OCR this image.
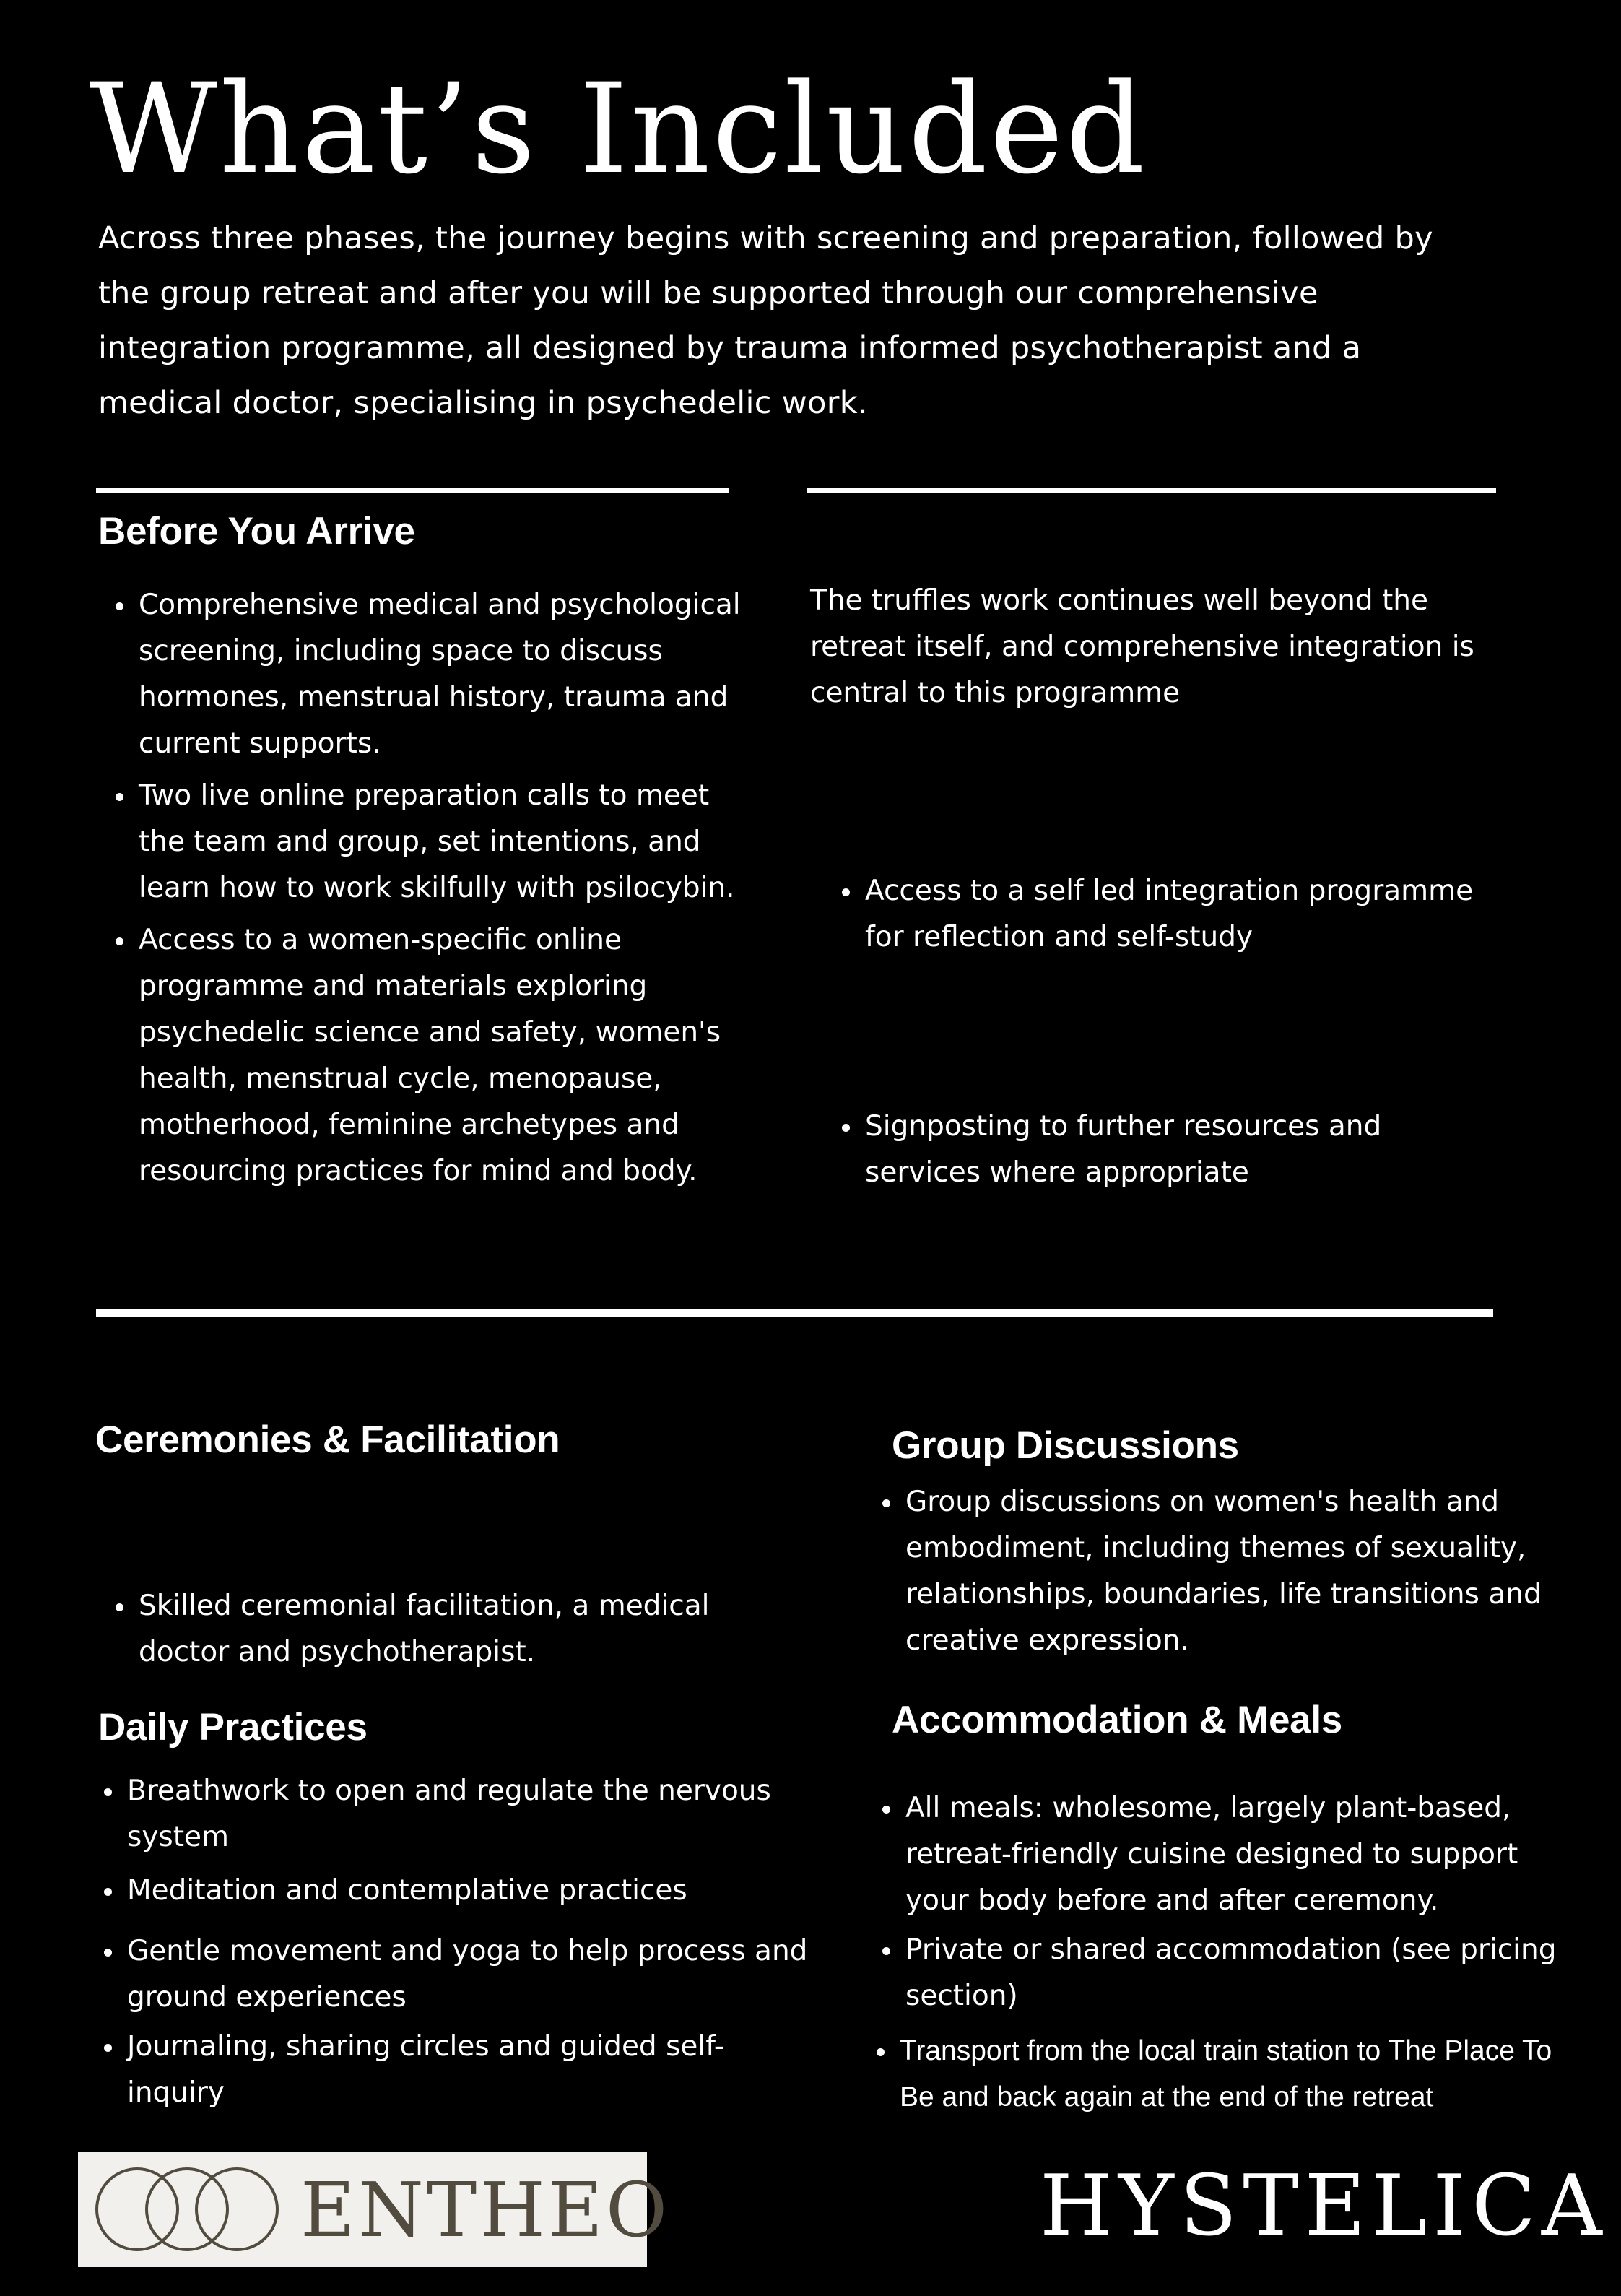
What’s Included

Across three phases, the journey begins with screening and preparation, followed by the group retreat and after you will be supported through our comprehensive integration programme, all designed by trauma informed psychotherapist and a medical doctor, specialising in psychedelic work.

Before You Arrive
Comprehensive medical and psychological screening, including space to discuss hormones, menstrual history, trauma and current supports.
Two live online preparation calls to meet the team and group, set intentions, and learn how to work skilfully with psilocybin.
Access to a women-specific online programme and materials exploring psychedelic science and safety, women's health, menstrual cycle, menopause, motherhood, feminine archetypes and resourcing practices for mind and body.

The truffles work continues well beyond the retreat itself, and comprehensive integration is central to this programme

Access to a self led integration programme for reflection and self-study
Signposting to further resources and services where appropriate
Ceremonies & Facilitation
Skilled ceremonial facilitation, a medical doctor and psychotherapist.
Daily Practices
Breathwork to open and regulate the nervous system
Meditation and contemplative practices
Gentle movement and yoga to help process and ground experiences
Journaling, sharing circles and guided self-inquiry
Group Discussions
Group discussions on women's health and embodiment, including themes of sexuality, relationships, boundaries, life transitions and creative expression.
Accommodation & Meals
All meals: wholesome, largely plant-based, retreat-friendly cuisine designed to support your body before and after ceremony.
Private or shared accommodation (see pricing section)
Transport from the local train station to The Place To Be and back again at the end of the retreat
ENTHEO	HYSTELICA
